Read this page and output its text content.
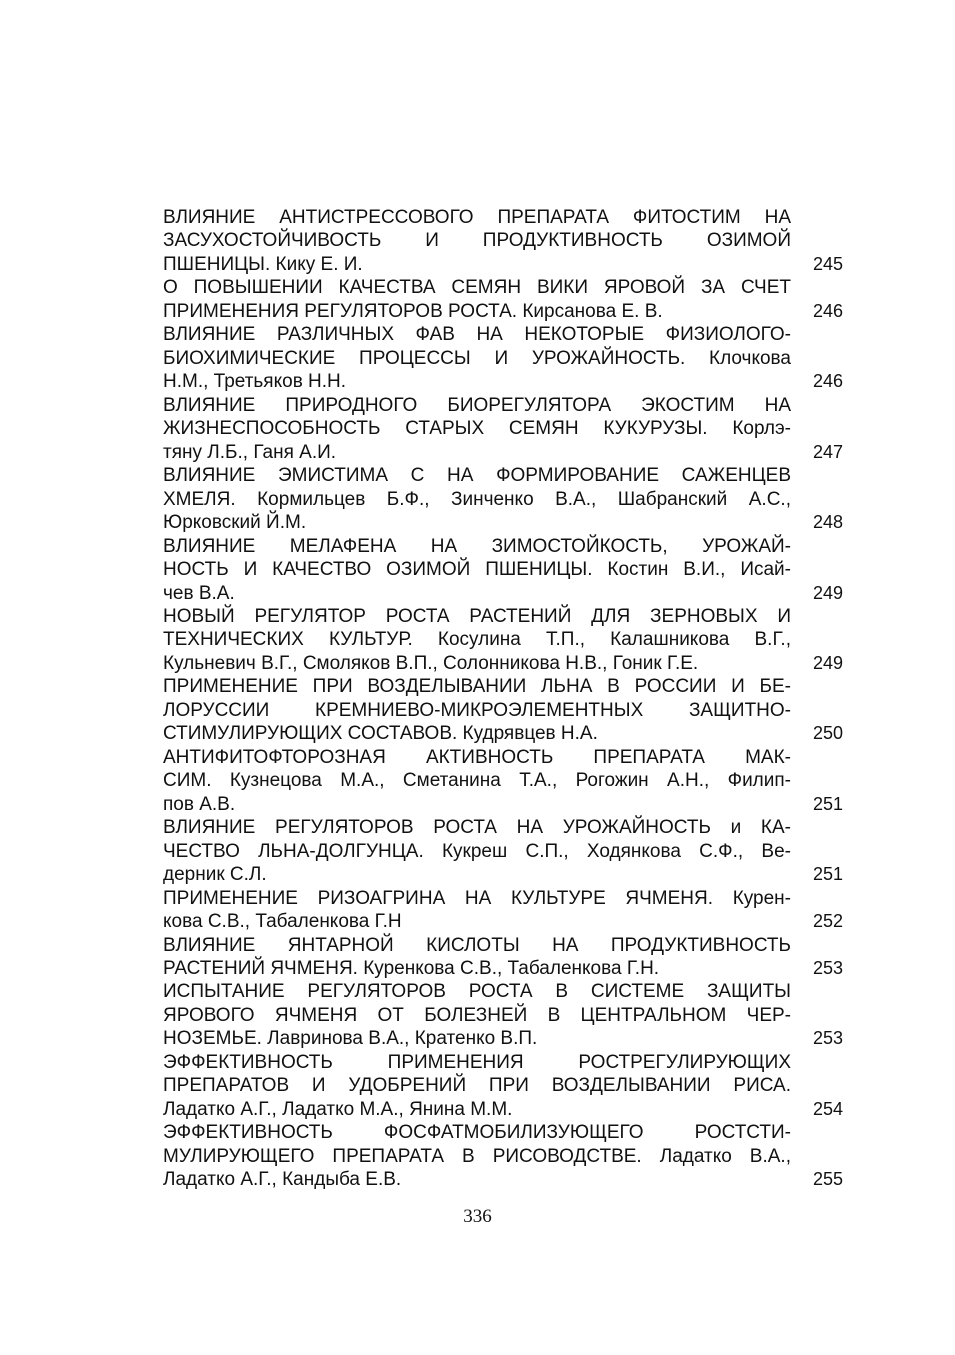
ВЛИЯНИЕ АНТИСТРЕССОВОГО ПРЕПАРАТА ФИТОСТИМ НА
ЗАСУХОСТОЙЧИВОСТЬ И ПРОДУКТИВНОСТЬ ОЗИМОЙ
ПШЕНИЦЫ. Кику Е. И.	245
О ПОВЫШЕНИИ КАЧЕСТВА СЕМЯН ВИКИ ЯРОВОЙ ЗА СЧЕТ
ПРИМЕНЕНИЯ РЕГУЛЯТОРОВ РОСТА. Кирсанова Е. В.	246
ВЛИЯНИЕ РАЗЛИЧНЫХ ФАВ НА НЕКОТОРЫЕ ФИЗИОЛОГО-
БИОХИМИЧЕСКИЕ ПРОЦЕССЫ И УРОЖАЙНОСТЬ. Клочкова
Н.М., Третьяков Н.Н.	246
ВЛИЯНИЕ ПРИРОДНОГО БИОРЕГУЛЯТОРА ЭКОСТИМ НА
ЖИЗНЕСПОСОБНОСТЬ СТАРЫХ СЕМЯН КУКУРУЗЫ. Корлэ-
тяну Л.Б., Ганя А.И.	247
ВЛИЯНИЕ ЭМИСТИМА С НА ФОРМИРОВАНИЕ САЖЕНЦЕВ
ХМЕЛЯ. Кормильцев Б.Ф., Зинченко В.А., Шабранский А.С.,
Юрковский Й.М.	248
ВЛИЯНИЕ МЕЛАФЕНА НА ЗИМОСТОЙКОСТЬ, УРОЖАЙ-
НОСТЬ И КАЧЕСТВО ОЗИМОЙ ПШЕНИЦЫ. Костин В.И., Исай-
чев В.А.	249
НОВЫЙ РЕГУЛЯТОР РОСТА РАСТЕНИЙ ДЛЯ ЗЕРНОВЫХ И
ТЕХНИЧЕСКИХ КУЛЬТУР. Косулина Т.П., Калашникова В.Г.,
Кульневич В.Г., Смоляков В.П., Солонникова Н.В., Гоник Г.Е.	249
ПРИМЕНЕНИЕ ПРИ ВОЗДЕЛЫВАНИИ ЛЬНА В РОССИИ И БЕ-
ЛОРУССИИ КРЕМНИЕВО-МИКРОЭЛЕМЕНТНЫХ ЗАЩИТНО-
СТИМУЛИРУЮЩИХ СОСТАВОВ. Кудрявцев Н.А.	250
АНТИФИТОФТОРОЗНАЯ АКТИВНОСТЬ ПРЕПАРАТА МАК-
СИМ. Кузнецова М.А., Сметанина Т.А., Рогожин А.Н., Филип-
пов А.В.	251
ВЛИЯНИЕ РЕГУЛЯТОРОВ РОСТА НА УРОЖАЙНОСТЬ и КА-
ЧЕСТВО ЛЬНА-ДОЛГУНЦА. Кукреш С.П., Ходянкова С.Ф., Ве-
дерник С.Л.	251
ПРИМЕНЕНИЕ РИЗОАГРИНА НА КУЛЬТУРЕ ЯЧМЕНЯ. Курен-
кова С.В., Табаленкова Г.Н	252
ВЛИЯНИЕ ЯНТАРНОЙ КИСЛОТЫ НА ПРОДУКТИВНОСТЬ
РАСТЕНИЙ ЯЧМЕНЯ. Куренкова С.В., Табаленкова Г.Н.	253
ИСПЫТАНИЕ РЕГУЛЯТОРОВ РОСТА В СИСТЕМЕ ЗАЩИТЫ
ЯРОВОГО ЯЧМЕНЯ ОТ БОЛЕЗНЕЙ В ЦЕНТРАЛЬНОМ ЧЕР-
НОЗЕМЬЕ. Лавринова В.А., Кратенко В.П.	253
ЭФФЕКТИВНОСТЬ ПРИМЕНЕНИЯ РОСТРЕГУЛИРУЮЩИХ
ПРЕПАРАТОВ И УДОБРЕНИЙ ПРИ ВОЗДЕЛЫВАНИИ РИСА.
Ладатко А.Г., Ладатко М.А., Янина М.М.	254
ЭФФЕКТИВНОСТЬ ФОСФАТМОБИЛИЗУЮЩЕГО РОСТСТИ-
МУЛИРУЮЩЕГО ПРЕПАРАТА В РИСОВОДСТВЕ. Ладатко В.А.,
Ладатко А.Г., Кандыба Е.В.	255
336
